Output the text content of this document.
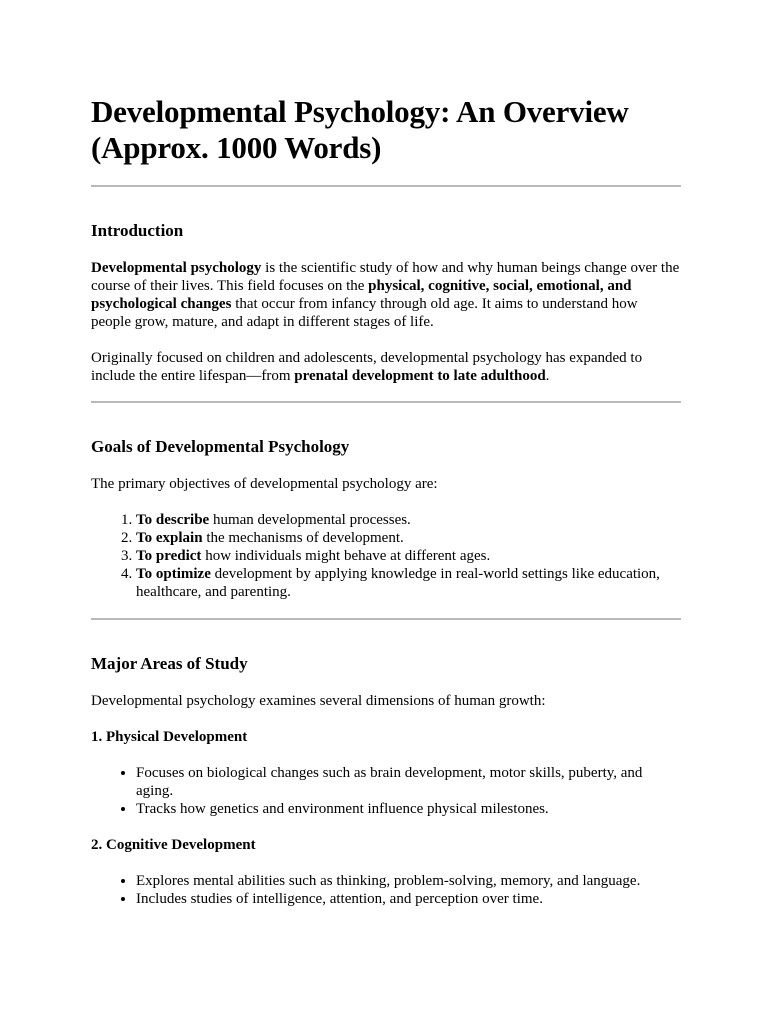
Developmental Psychology: An Overview
(Approx. 1000 Words)
Introduction

Developmental psychology is the scientific study of how and why human beings change over the course of their lives. This field focuses on the physical, cognitive, social, emotional, and psychological changes that occur from infancy through old age. It aims to understand how people grow, mature, and adapt in different stages of life.

Originally focused on children and adolescents, developmental psychology has expanded to include the entire lifespan—from prenatal development to late adulthood.

Goals of Developmental Psychology

The primary objectives of developmental psychology are:

1. To describe human developmental processes.
2. To explain the mechanisms of development.
3. To predict how individuals might behave at different ages.
4. To optimize development by applying knowledge in real-world settings like education, healthcare, and parenting.
Major Areas of Study

Developmental psychology examines several dimensions of human growth:

1. Physical Development
• Focuses on biological changes such as brain development, motor skills, puberty, and aging.
• Tracks how genetics and environment influence physical milestones.
2. Cognitive Development
• Explores mental abilities such as thinking, problem-solving, memory, and language.
• Includes studies of intelligence, attention, and perception over time.
